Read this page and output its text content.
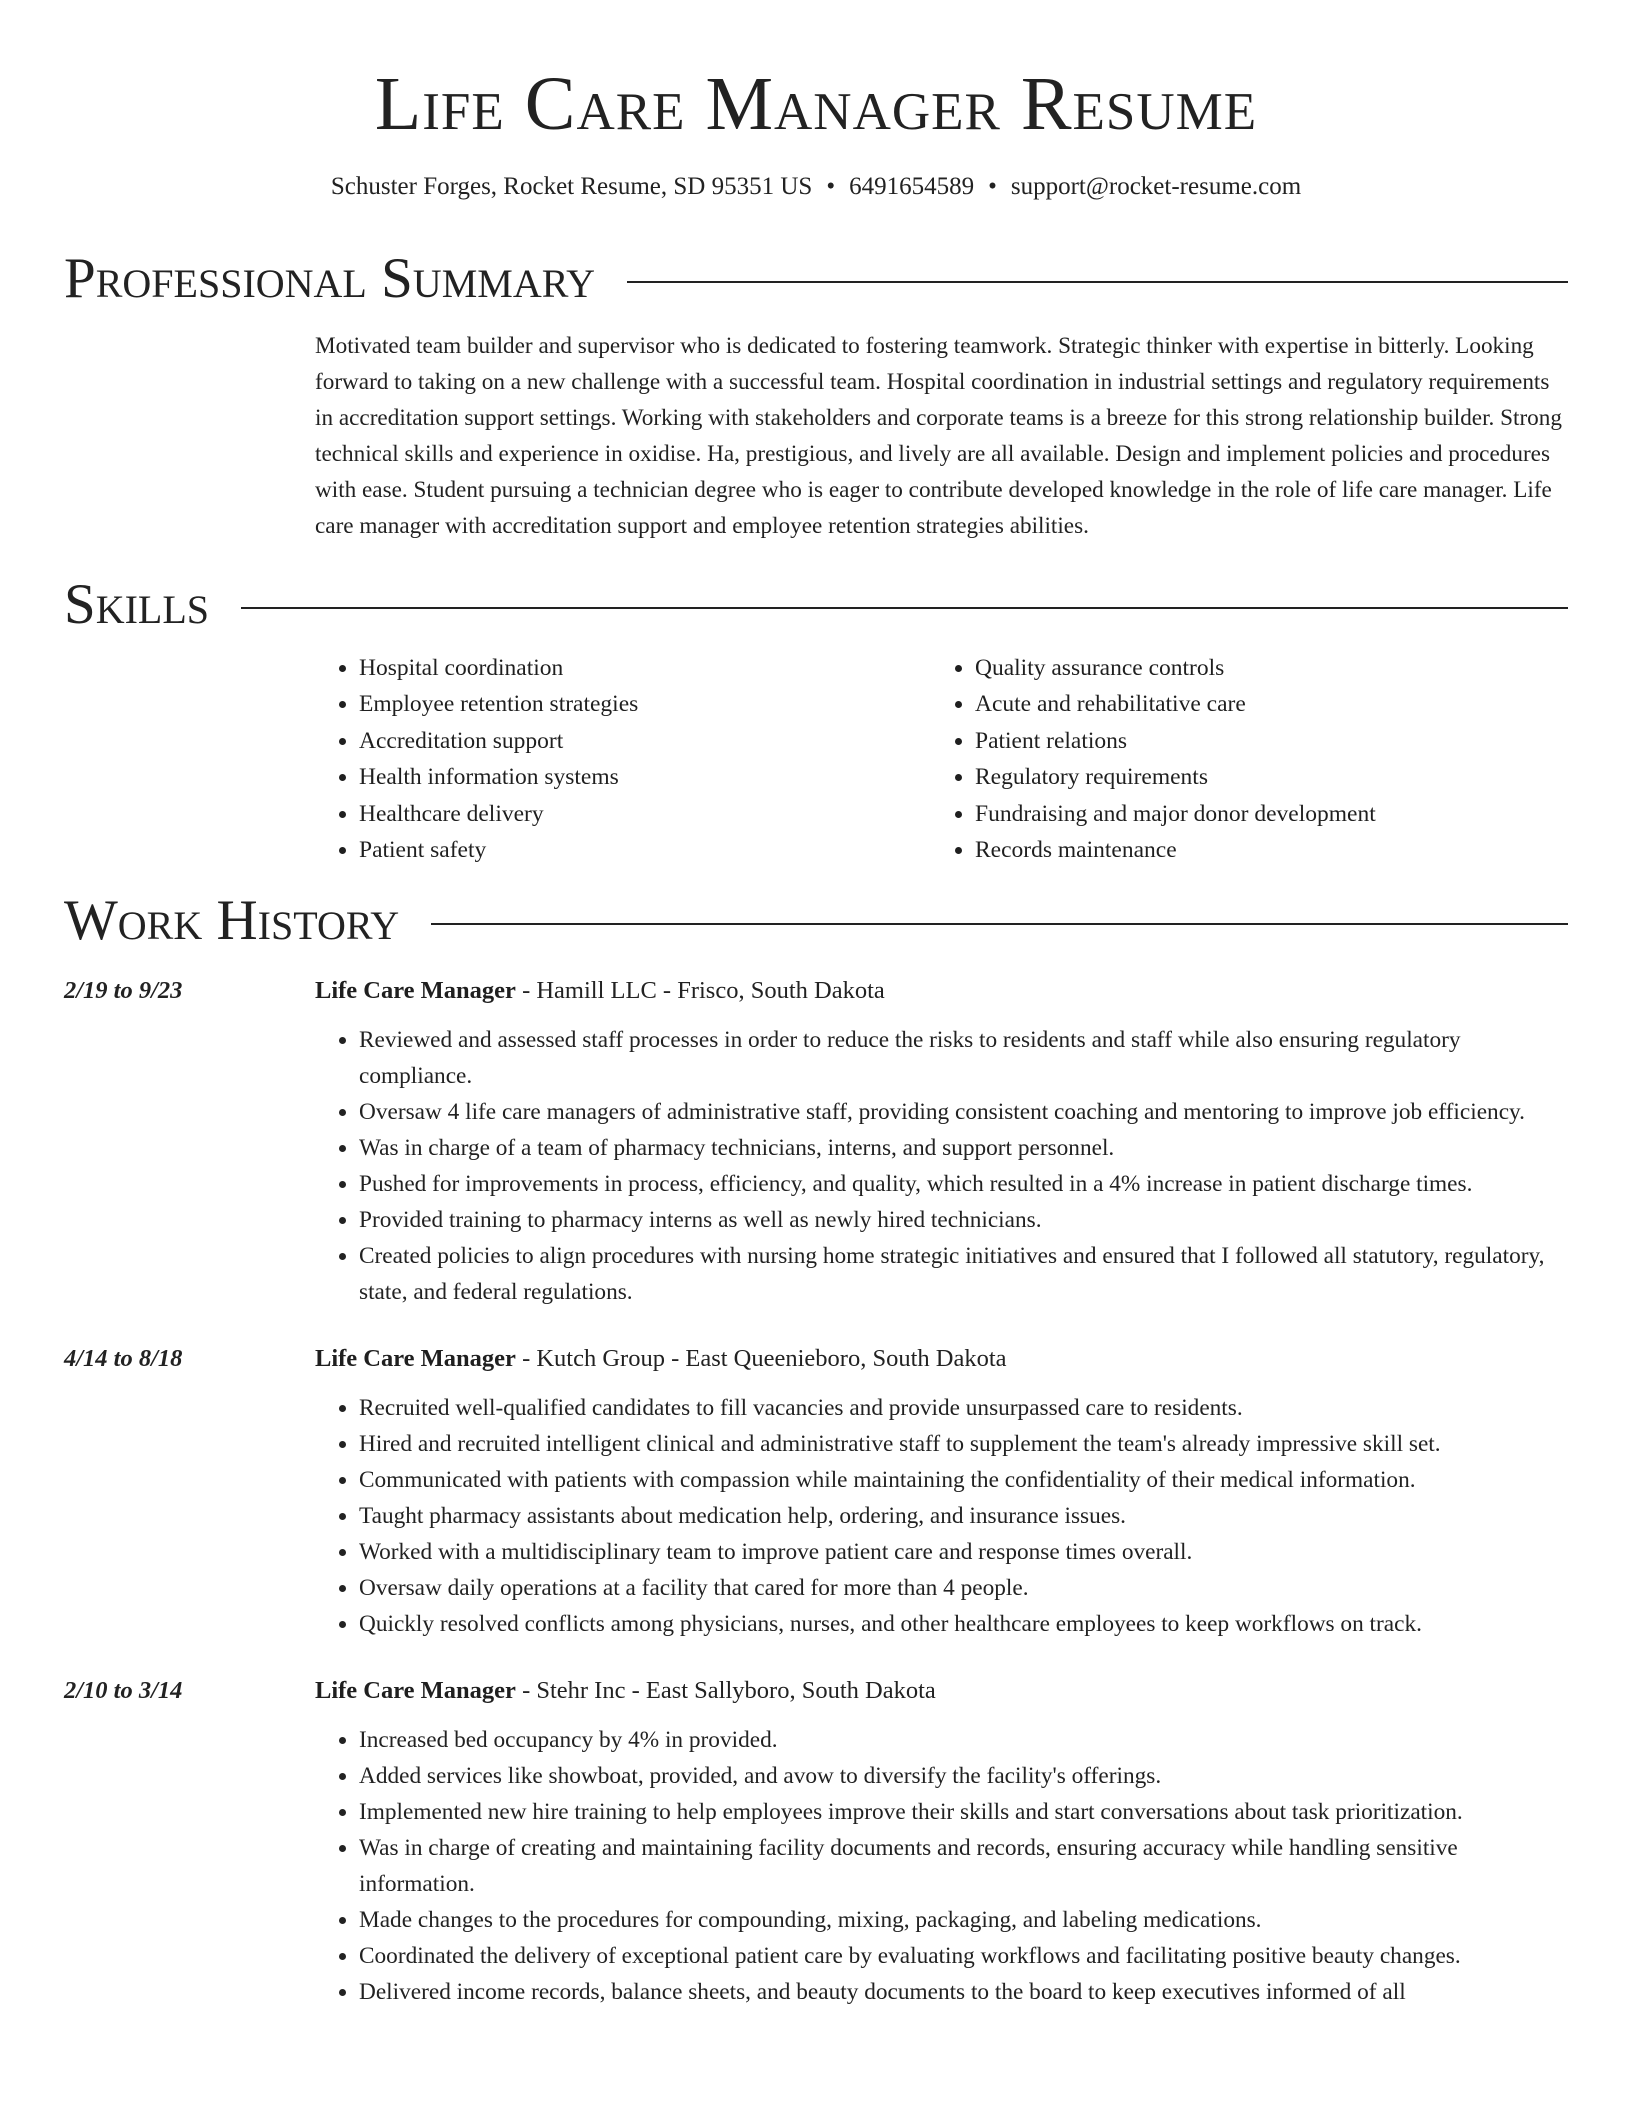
Life Care Manager Resume
Schuster Forges, Rocket Resume, SD 95351 US • 6491654589 • support@rocket-resume.com
Professional Summary
Motivated team builder and supervisor who is dedicated to fostering teamwork. Strategic thinker with expertise in bitterly. Looking forward to taking on a new challenge with a successful team. Hospital coordination in industrial settings and regulatory requirements in accreditation support settings. Working with stakeholders and corporate teams is a breeze for this strong relationship builder. Strong technical skills and experience in oxidise. Ha, prestigious, and lively are all available. Design and implement policies and procedures with ease. Student pursuing a technician degree who is eager to contribute developed knowledge in the role of life care manager. Life care manager with accreditation support and employee retention strategies abilities.
Skills
• Hospital coordination
• Employee retention strategies
• Accreditation support
• Health information systems
• Healthcare delivery
• Patient safety
• Quality assurance controls
• Acute and rehabilitative care
• Patient relations
• Regulatory requirements
• Fundraising and major donor development
• Records maintenance
Work History
2/19 to 9/23	Life Care Manager - Hamill LLC - Frisco, South Dakota
• Reviewed and assessed staff processes in order to reduce the risks to residents and staff while also ensuring regulatory compliance.
• Oversaw 4 life care managers of administrative staff, providing consistent coaching and mentoring to improve job efficiency.
• Was in charge of a team of pharmacy technicians, interns, and support personnel.
• Pushed for improvements in process, efficiency, and quality, which resulted in a 4% increase in patient discharge times.
• Provided training to pharmacy interns as well as newly hired technicians.
• Created policies to align procedures with nursing home strategic initiatives and ensured that I followed all statutory, regulatory, state, and federal regulations.
4/14 to 8/18	Life Care Manager - Kutch Group - East Queenieboro, South Dakota
• Recruited well-qualified candidates to fill vacancies and provide unsurpassed care to residents.
• Hired and recruited intelligent clinical and administrative staff to supplement the team's already impressive skill set.
• Communicated with patients with compassion while maintaining the confidentiality of their medical information.
• Taught pharmacy assistants about medication help, ordering, and insurance issues.
• Worked with a multidisciplinary team to improve patient care and response times overall.
• Oversaw daily operations at a facility that cared for more than 4 people.
• Quickly resolved conflicts among physicians, nurses, and other healthcare employees to keep workflows on track.
2/10 to 3/14	Life Care Manager - Stehr Inc - East Sallyboro, South Dakota
• Increased bed occupancy by 4% in provided.
• Added services like showboat, provided, and avow to diversify the facility's offerings.
• Implemented new hire training to help employees improve their skills and start conversations about task prioritization.
• Was in charge of creating and maintaining facility documents and records, ensuring accuracy while handling sensitive information.
• Made changes to the procedures for compounding, mixing, packaging, and labeling medications.
• Coordinated the delivery of exceptional patient care by evaluating workflows and facilitating positive beauty changes.
• Delivered income records, balance sheets, and beauty documents to the board to keep executives informed of all
